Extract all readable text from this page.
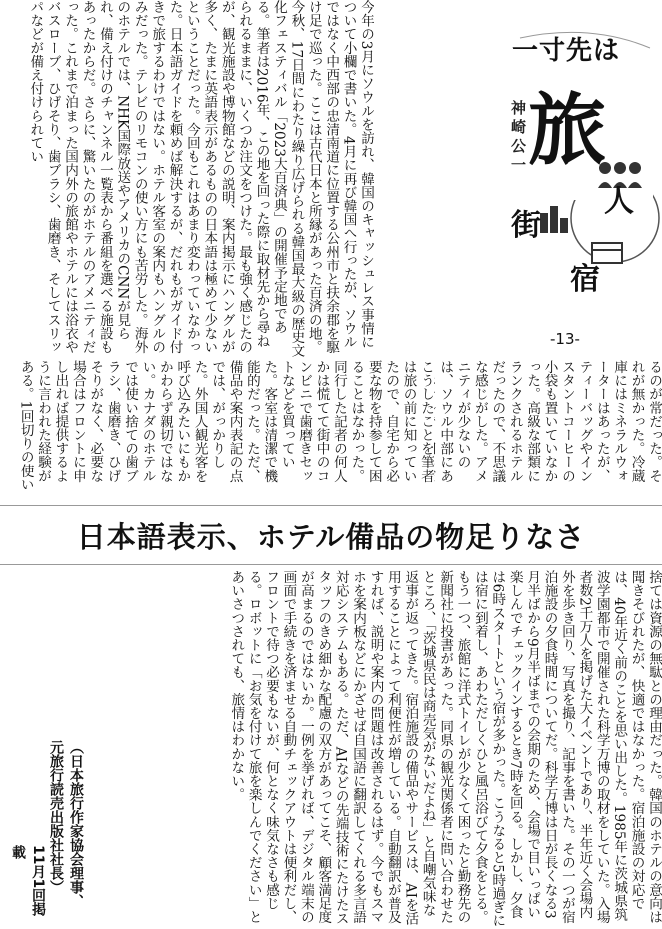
今年の3月にソウルを訪れ、韓国のキャッシュレス事情について小欄で書いた。4月に再び韓国へ行ったが、ソウルではなく中西部の忠清南道に位置する公州市と扶余郡を駆け足で巡った。ここは古代日本と所縁があった百済の地。今秋、17日間にわたり繰り広げられる韓国最大級の歴史文化フェスティバル「2023大百済典」の開催予定地である。筆者は2016年、この地を回った際に取材先から尋ねられるままに、いくつか注文をつけた。最も強く感じたのが、観光施設や博物館などの説明、案内掲示にハングルが多く、たまに英語表示があるものの日本語は極めて少ないということだった。今回もこれはあまり変わっていなかった。日本語ガイドを頼めば解決するが、だれもがガイド付きで旅するわけではない。ホテル客室の案内もハングルのみだった。テレビのリモコンの使い方にも苦労した。海外のホテルでは、NHK国際放送やアメリカのCNNが見られ、備え付けのチャンネル一覧表から番組を選べる施設もあったからだ。さらに、驚いたのがホテルのアメニティだった。これまで泊まった国内外の旅館やホテルには浴衣やバスローブ、ひげそり、歯ブラシ、歯磨き、そしてスリッパなどが備え付けられてい	一寸先は
旅
人
街
宿
神崎公一
-13-

るのが常だった。それが無かった。冷蔵庫にはミネラルウォーターはあったが、ティーバッグやインスタントコーヒーの小袋も置いていなかった。高級な部類にランクされるホテルだったので、不思議な感じがした。アメニティが少ないのは、ソウル中部にあ

こうしたことを筆者は旅の前に知っていたので、自宅から必要な物を持参して困ることはなかった。同行した記者の何人かは慌てて街中のコンビニで歯磨きセットなどを買っていた。客室は清潔で機能的だった。ただ、備品や案内表記の点では、がっかりした。外国人観光客を呼び込みたいにもかかわらず親切ではない。カナダのホテルでは使い捨ての歯ブラシ、歯磨き、ひげそりがなく、必要な場合はフロントに申し出れば提供するように言われた経験がある。1回切りの使い

日本語表示、ホテル備品の物足りなさ

捨ては資源の無駄との理由だった。韓国のホテルの意向は聞きそびれたが、快適ではなかった。宿泊施設の対応では、40年近く前のことを思い出した。1985年に茨城県筑波学園都市で開催された科学万博の取材をしていた。入場者数2千万人を掲げた大イベントであり、半年近く会場内外を歩き回り、写真を撮り、記事を書いた。その一つが宿泊施設の夕食時間についてだ。科学万博は日が長くなる3月半ばから9月半ばまでの会期のため、会場で目いっぱい楽しんでチェックインするとき7時を回る。しかし、夕食は6時スタートという宿が多かった。こうなると5時過ぎには宿に到着し、あわただしくひと風呂浴びて夕食をとる。もう一つ、旅館に洋式トイレが少なくて困ったと勤務先の新聞社に投書があった。同県の観光関係者に問い合わせたところ、「茨城県民は商売気がないだよね」と自嘲気味な返事が返ってきた。宿泊施設の備品やサービスは、AIを活用することによって利便性が増している。自動翻訳が普及すれば、説明や案内の問題は改善されるはず。今でもスマホを案内板などにかざせば自国語に翻訳してくれる多言語対応システムもある。ただ、AIなどの先端技術にたけたスタッフのきめ細かな配慮の双方があってこそ、顧客満足度が高まるのではないか。一例を挙げれば、デジタル端末の画面で手続きを済ませる自動チェックアウトは便利だし、フロントで待つ必要もないが、何となく味気なさも感じる。ロボットに「お気を付けて旅を楽しんでください」とあいさつされても、旅情はわかない。

（日本旅行作家協会理事、元旅行読売出版社社長）
11月1回掲載
